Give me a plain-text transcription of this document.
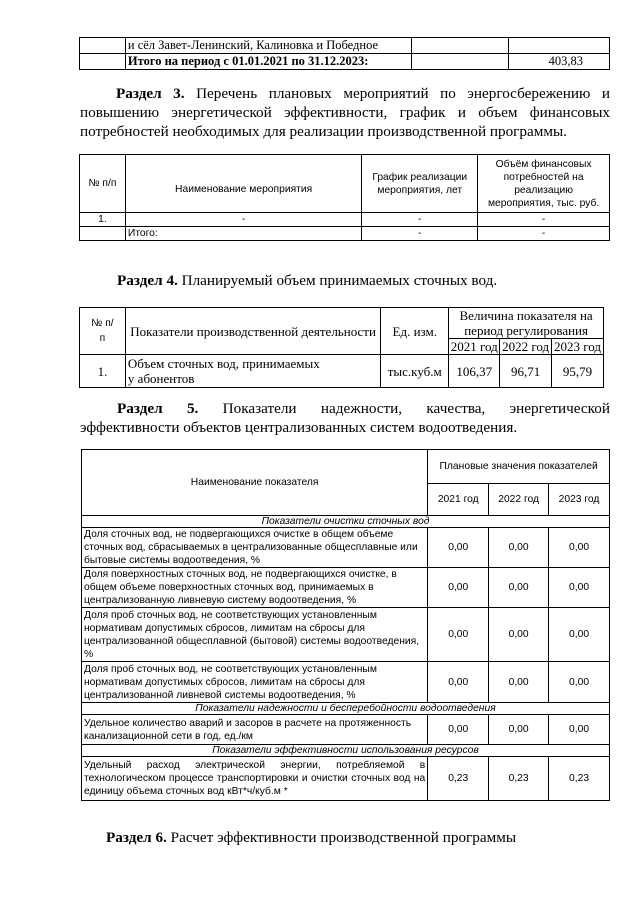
	и сёл Завет-Ленинский, Калиновка и Победное		
	Итого на период с 01.01.2021 по 31.12.2023:		403,83

Раздел 3. Перечень плановых мероприятий по энергосбережению и повышению энергетической эффективности, график и объем финансовых потребностей необходимых для реализации производственной программы.

№ п/п	Наименование мероприятия	График реализации мероприятия, лет	Объём финансовых потребностей на реализацию мероприятия, тыс. руб.
1.	-	-	-
	Итого:	-	-

Раздел 4. Планируемый объем принимаемых сточных вод.

№ п/п	Показатели производственной деятельности	Ед. изм.	Величина показателя на период регулирования		
			2021 год	2022 год	2023 год
1.	Объем сточных вод, принимаемых у абонентов	тыс.куб.м	106,37	96,71	95,79

Раздел 5. Показатели надежности, качества, энергетической эффективности объектов централизованных систем водоотведения.

Наименование показателя	Плановые значения показателей		
	2021 год	2022 год	2023 год
Показатели очистки сточных вод			
Доля сточных вод, не подвергающихся очистке в общем объеме сточных вод, сбрасываемых в централизованные общесплавные или бытовые системы водоотведения, %	0,00	0,00	0,00
Доля поверхностных сточных вод, не подвергающихся очистке, в общем объеме поверхностных сточных вод, принимаемых в централизованную ливневую систему водоотведения, %	0,00	0,00	0,00
Доля проб сточных вод, не соответствующих установленным нормативам допустимых сбросов, лимитам на сбросы для централизованной общесплавной (бытовой) системы водоотведения, %	0,00	0,00	0,00
Доля проб сточных вод, не соответствующих установленным нормативам допустимых сбросов, лимитам на сбросы для централизованной ливневой системы водоотведения, %	0,00	0,00	0,00
Показатели надежности и бесперебойности водоотведения			
Удельное количество аварий и засоров в расчете на протяженность канализационной сети в год, ед./км	0,00	0,00	0,00
Показатели эффективности использования ресурсов			
Удельный расход электрической энергии, потребляемой в технологическом процессе транспортировки и очистки сточных вод на единицу объема сточных вод кВт*ч/куб.м *	0,23	0,23	0,23

Раздел 6. Расчет эффективности производственной программы
